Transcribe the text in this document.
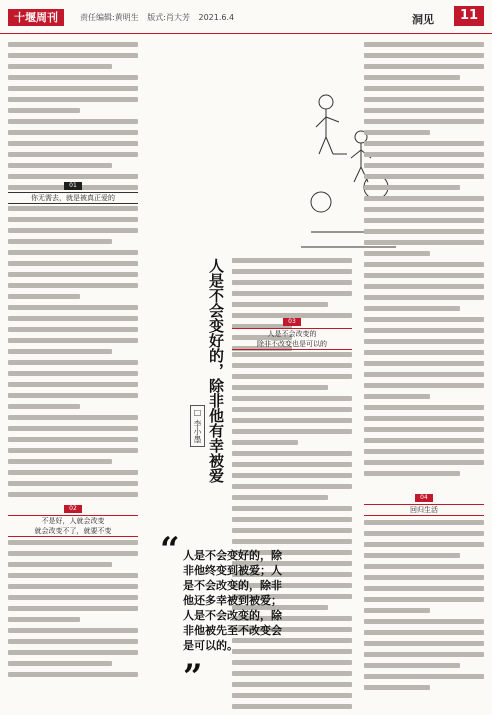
十堰周刊	责任编辑:黄明生 版式:肖大芳 2021.6.4	洞见	11
01
你无需去，就是被真正爱的
02
不是好，人就会改变
就会改变不了，就要不变
人是不会变好的，除非他有幸被爱
□ 李小墨
03
人是不会改变的
除非不改变也是可以的
“ 人是不会变好的，除非他终变到被爱；人是不会改变的，除非他还多幸被到被爱；人是不会改变的，除非他被先至不改变会是可以的。
”
04
回归生活
